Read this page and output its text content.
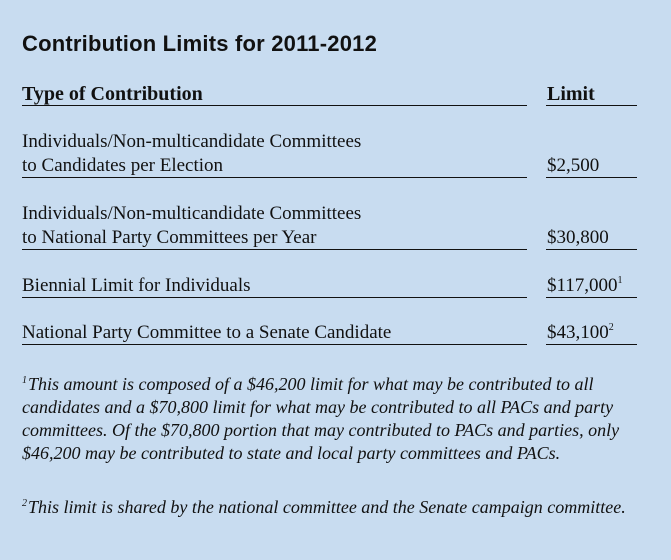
Contribution Limits for 2011-2012
Type of Contribution	Limit
Individuals/Non-multicandidate Committees
to Candidates per Election	$2,500
Individuals/Non-multicandidate Committees
to National Party Committees per Year	$30,800
Biennial Limit for Individuals	$117,000$^1$
National Party Committee to a Senate Candidate	$43,100$^2$
$^1$This amount is composed of a $46,200 limit for what may be contributed to all candidates and a $70,800 limit for what may be contributed to all PACs and party committees. Of the $70,800 portion that may contributed to PACs and parties, only $46,200 may be contributed to state and local party committees and PACs.
$^2$This limit is shared by the national committee and the Senate campaign committee.
